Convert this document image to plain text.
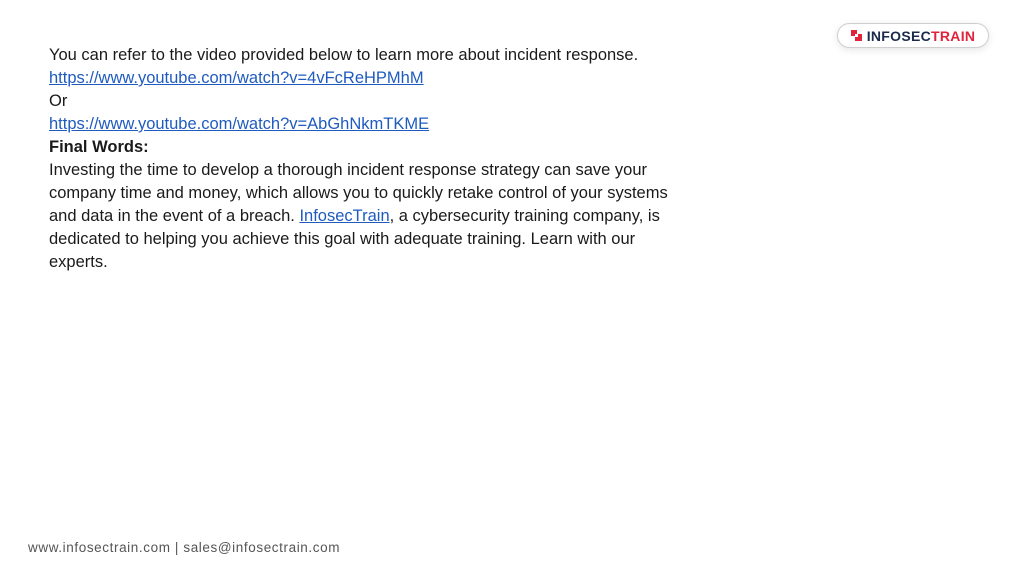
INFOSECTRAIN

You can refer to the video provided below to learn more about incident response.

https://www.youtube.com/watch?v=4vFcReHPMhM

Or

https://www.youtube.com/watch?v=AbGhNkmTKME

Final Words:

Investing the time to develop a thorough incident response strategy can save your company time and money, which allows you to quickly retake control of your systems and data in the event of a breach. InfosecTrain, a cybersecurity training company, is dedicated to helping you achieve this goal with adequate training. Learn with our experts.

www.infosectrain.com | sales@infosectrain.com
